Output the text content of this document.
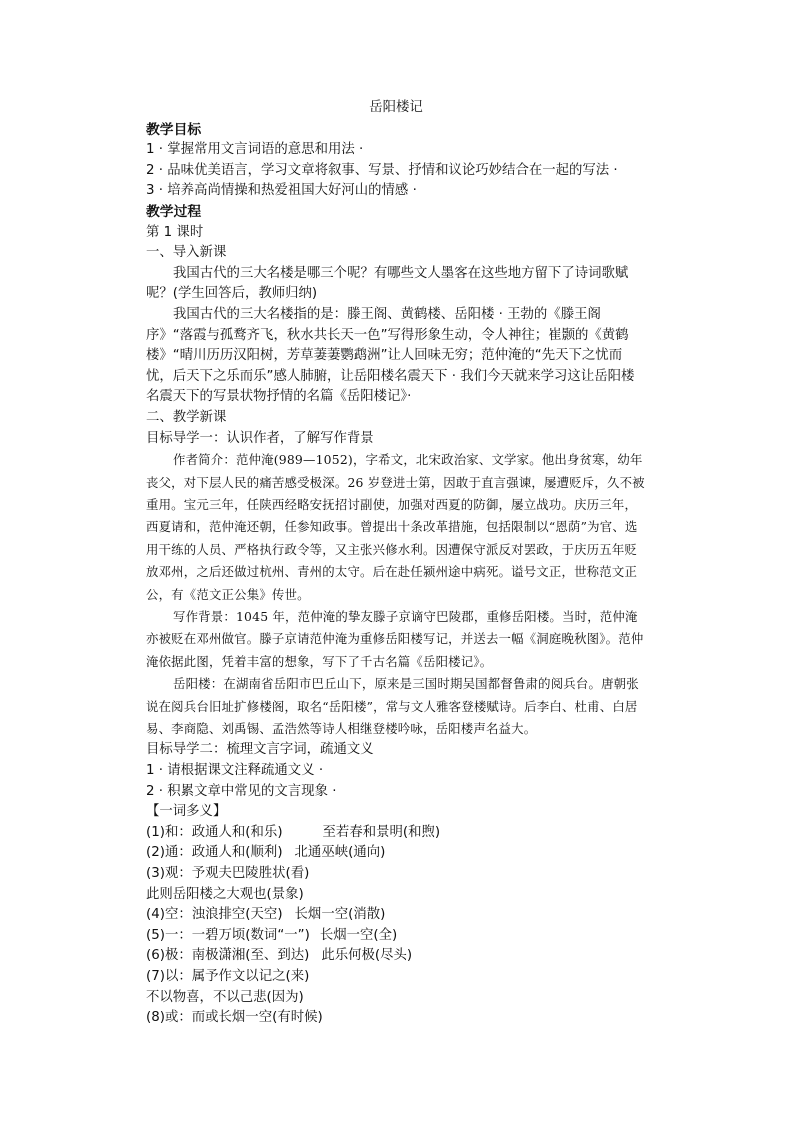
岳阳楼记

教学目标

1 · 掌握常用文言词语的意思和用法 ·

2 · 品味优美语言，学习文章将叙事、写景、抒情和议论巧妙结合在一起的写法 ·

3 · 培养高尚情操和热爱祖国大好河山的情感 ·

教学过程

第 1 课时

一、导入新课

我国古代的三大名楼是哪三个呢？有哪些文人墨客在这些地方留下了诗词歌赋呢？(学生回答后，教师归纳)

我国古代的三大名楼指的是：滕王阁、黄鹤楼、岳阳楼 · 王勃的《滕王阁序》“落霞与孤鹜齐飞，秋水共长天一色”写得形象生动，令人神往；崔颢的《黄鹤楼》“晴川历历汉阳树，芳草萋萋鹦鹉洲”让人回味无穷；范仲淹的“先天下之忧而忧，后天下之乐而乐”感人肺腑，让岳阳楼名震天下 · 我们今天就来学习这让岳阳楼名震天下的写景状物抒情的名篇《岳阳楼记》·

二、教学新课

目标导学一：认识作者，了解写作背景

作者简介：范仲淹(989—1052)，字希文，北宋政治家、文学家。他出身贫寒，幼年丧父，对下层人民的痛苦感受极深。26 岁登进士第，因敢于直言强谏，屡遭贬斥，久不被重用。宝元三年，任陕西经略安抚招讨副使，加强对西夏的防御，屡立战功。庆历三年，西夏请和，范仲淹还朝，任参知政事。曾提出十条改革措施，包括限制以“恩荫”为官、选用干练的人员、严格执行政令等，又主张兴修水利。因遭保守派反对罢政，于庆历五年贬放邓州，之后还做过杭州、青州的太守。后在赴任颍州途中病死。谥号文正，世称范文正公，有《范文正公集》传世。

写作背景：1045 年，范仲淹的挚友滕子京谪守巴陵郡，重修岳阳楼。当时，范仲淹亦被贬在邓州做官。滕子京请范仲淹为重修岳阳楼写记，并送去一幅《洞庭晚秋图》。范仲淹依据此图，凭着丰富的想象，写下了千古名篇《岳阳楼记》。

岳阳楼：在湖南省岳阳市巴丘山下，原来是三国时期吴国都督鲁肃的阅兵台。唐朝张说在阅兵台旧址扩修楼阁，取名“岳阳楼”，常与文人雅客登楼赋诗。后李白、杜甫、白居易、李商隐、刘禹锡、孟浩然等诗人相继登楼吟咏，岳阳楼声名益大。

目标导学二：梳理文言字词，疏通文义

1 · 请根据课文注释疏通文义 ·

2 · 积累文章中常见的文言现象 ·

【一词多义】

(1)和：政通人和(和乐)	至若春和景明(和煦)

(2)通：政通人和(顺利) 北通巫峡(通向)

(3)观：予观夫巴陵胜状(看)

此则岳阳楼之大观也(景象)

(4)空：浊浪排空(天空) 长烟一空(消散)

(5)一：一碧万顷(数词“一”) 长烟一空(全)

(6)极：南极潇湘(至、到达) 此乐何极(尽头)

(7)以：属予作文以记之(来)

不以物喜，不以己悲(因为)

(8)或：而或长烟一空(有时候)
